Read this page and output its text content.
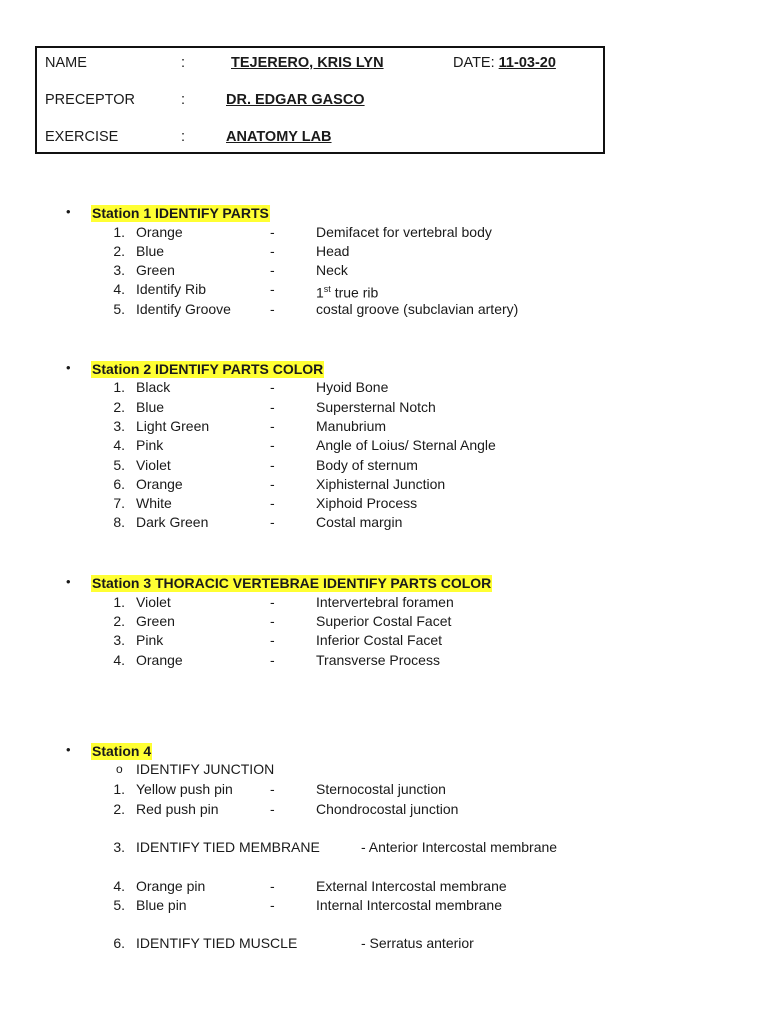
NAME	:	TEJERERO, KRIS LYN	DATE: 11-03-20
PRECEPTOR	:	DR. EDGAR GASCO
EXERCISE	:	ANATOMY LAB
• Station 1 IDENTIFY PARTS
1. Orange	-	Demifacet for vertebral body
2. Blue	-	Head
3. Green	-	Neck
4. Identify Rib	-	1st true rib
5. Identify Groove	-	costal groove (subclavian artery)
• Station 2 IDENTIFY PARTS COLOR
1. Black	-	Hyoid Bone
2. Blue	-	Supersternal Notch
3. Light Green	-	Manubrium
4. Pink	-	Angle of Loius/ Sternal Angle
5. Violet	-	Body of sternum
6. Orange	-	Xiphisternal Junction
7. White	-	Xiphoid Process
8. Dark Green	-	Costal margin
• Station 3 THORACIC VERTEBRAE IDENTIFY PARTS COLOR
1. Violet	-	Intervertebral foramen
2. Green	-	Superior Costal Facet
3. Pink	-	Inferior Costal Facet
4. Orange	-	Transverse Process
• Station 4
o IDENTIFY JUNCTION
1. Yellow push pin	-	Sternocostal junction
2. Red push pin	-	Chondrocostal junction
3. IDENTIFY TIED MEMBRANE	- Anterior Intercostal membrane
4. Orange pin	-	External Intercostal membrane
5. Blue pin	-	Internal Intercostal membrane
6. IDENTIFY TIED MUSCLE	- Serratus anterior
